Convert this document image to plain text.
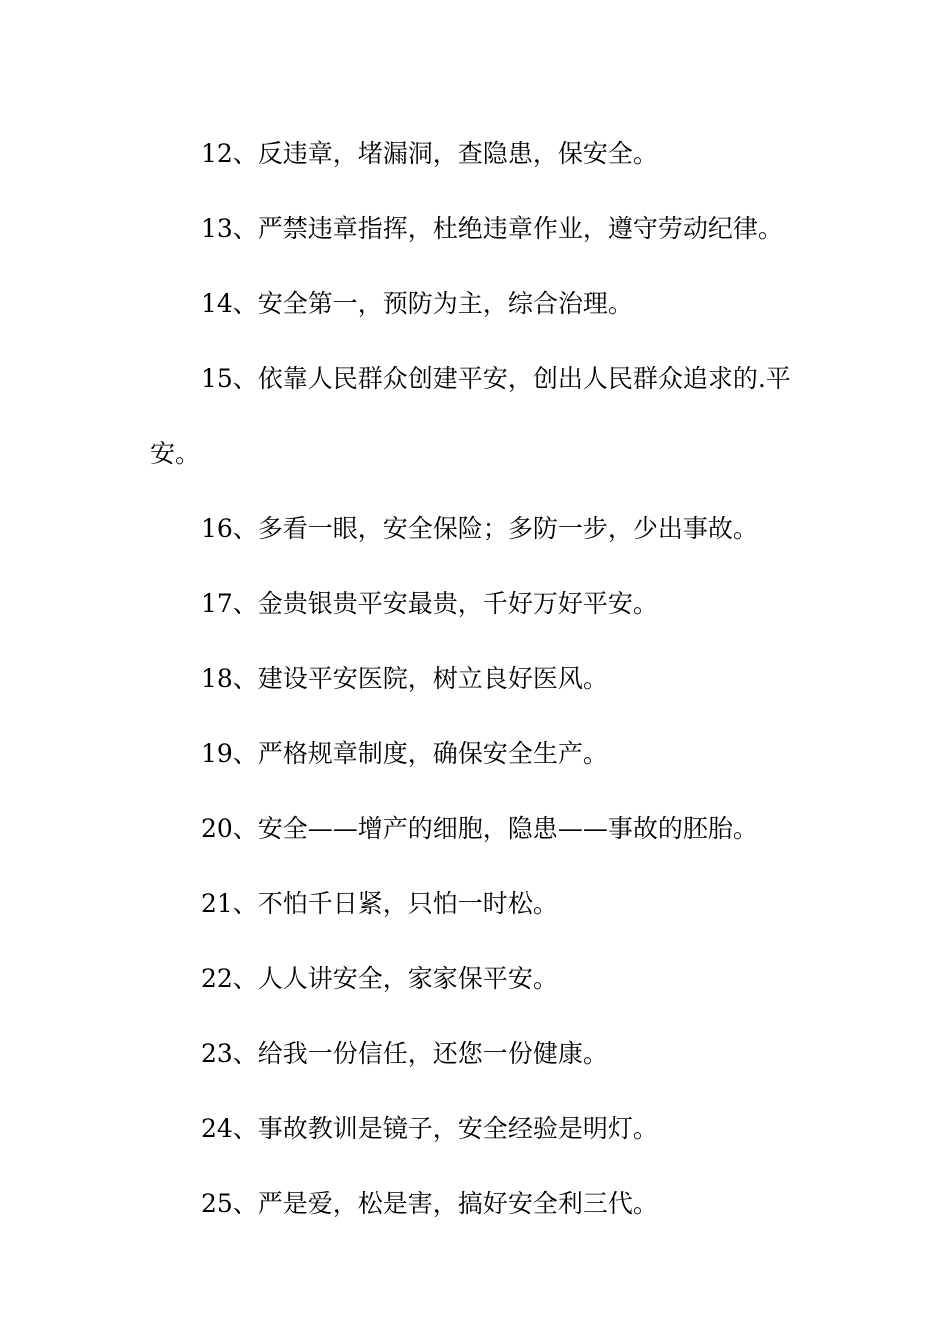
12、反违章，堵漏洞，查隐患，保安全。

13、严禁违章指挥，杜绝违章作业，遵守劳动纪律。

14、安全第一，预防为主，综合治理。

15、依靠人民群众创建平安，创出人民群众追求的.平安。

16、多看一眼，安全保险；多防一步，少出事故。

17、金贵银贵平安最贵，千好万好平安。

18、建设平安医院，树立良好医风。

19、严格规章制度，确保安全生产。

20、安全——增产的细胞，隐患——事故的胚胎。

21、不怕千日紧，只怕一时松。

22、人人讲安全，家家保平安。

23、给我一份信任，还您一份健康。

24、事故教训是镜子，安全经验是明灯。

25、严是爱，松是害，搞好安全利三代。
